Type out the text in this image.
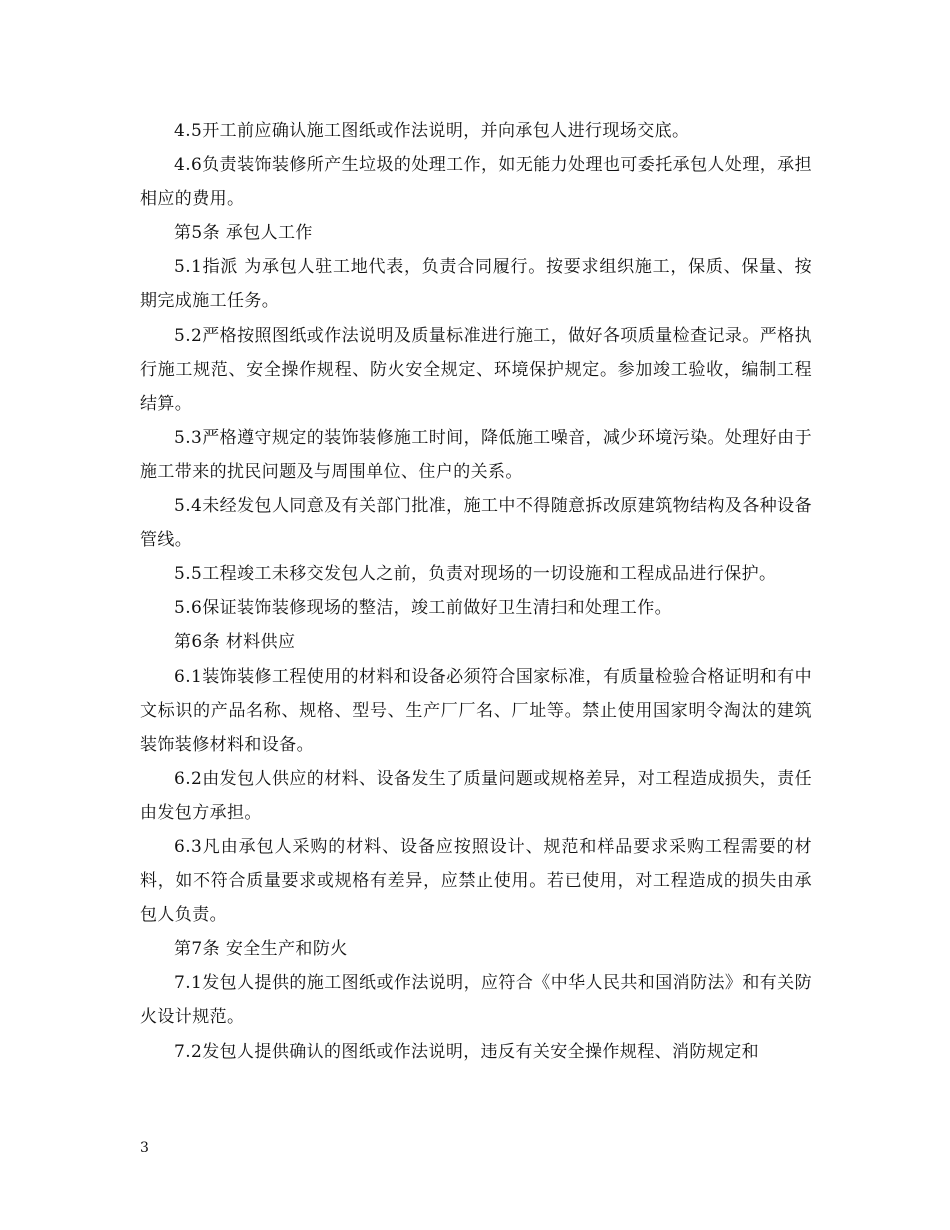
4.5开工前应确认施工图纸或作法说明，并向承包人进行现场交底。

4.6负责装饰装修所产生垃圾的处理工作，如无能力处理也可委托承包人处理，承担相应的费用。

第5条 承包人工作

5.1指派 为承包人驻工地代表，负责合同履行。按要求组织施工，保质、保量、按期完成施工任务。

5.2严格按照图纸或作法说明及质量标准进行施工，做好各项质量检查记录。严格执行施工规范、安全操作规程、防火安全规定、环境保护规定。参加竣工验收，编制工程结算。

5.3严格遵守规定的装饰装修施工时间，降低施工噪音，减少环境污染。处理好由于施工带来的扰民问题及与周围单位、住户的关系。

5.4未经发包人同意及有关部门批准，施工中不得随意拆改原建筑物结构及各种设备管线。

5.5工程竣工未移交发包人之前，负责对现场的一切设施和工程成品进行保护。

5.6保证装饰装修现场的整洁，竣工前做好卫生清扫和处理工作。

第6条 材料供应

6.1装饰装修工程使用的材料和设备必须符合国家标准，有质量检验合格证明和有中文标识的产品名称、规格、型号、生产厂厂名、厂址等。禁止使用国家明令淘汰的建筑装饰装修材料和设备。

6.2由发包人供应的材料、设备发生了质量问题或规格差异，对工程造成损失，责任由发包方承担。

6.3凡由承包人采购的材料、设备应按照设计、规范和样品要求采购工程需要的材料，如不符合质量要求或规格有差异，应禁止使用。若已使用，对工程造成的损失由承包人负责。

第7条 安全生产和防火

7.1发包人提供的施工图纸或作法说明，应符合《中华人民共和国消防法》和有关防火设计规范。

7.2发包人提供确认的图纸或作法说明，违反有关安全操作规程、消防规定和

3
